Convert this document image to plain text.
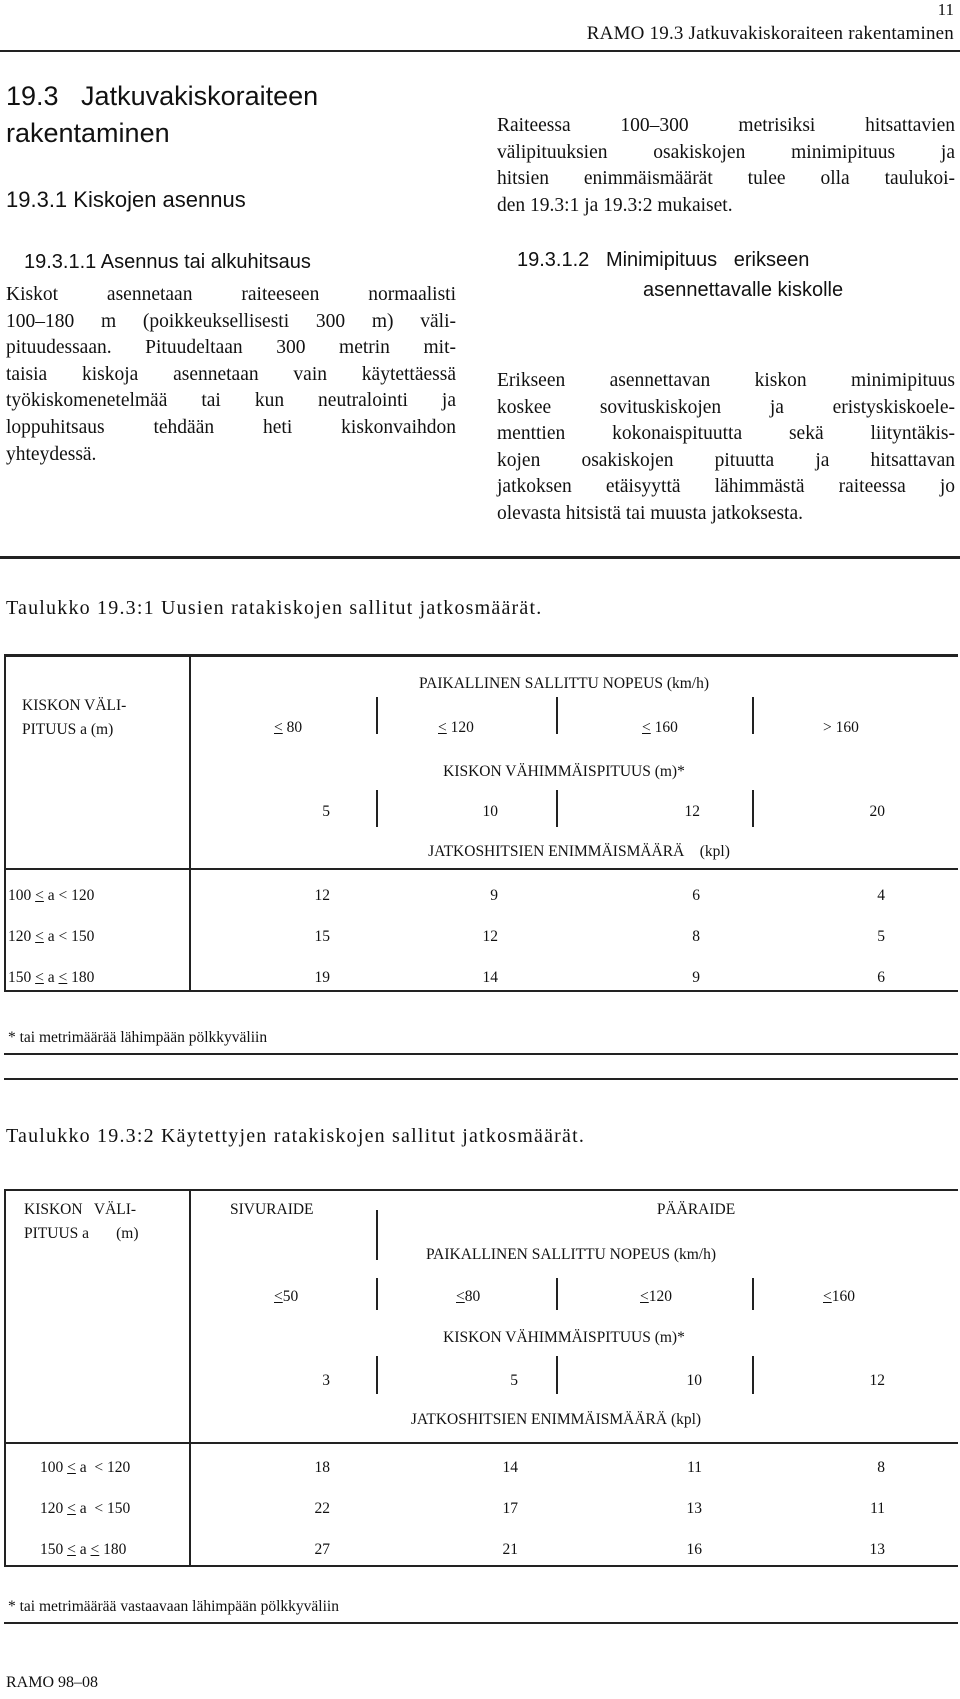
11
RAMO 19.3 Jatkuvakiskoraiteen rakentaminen
19.3   Jatkuvakiskoraiteen
rakentaminen
19.3.1 Kiskojen asennus
19.3.1.1 Asennus tai alkuhitsaus
Kiskot asennetaan raiteeseen normaalisti
100–180 m (poikkeuksellisesti 300 m) väli-
pituudessaan. Pituudeltaan 300 metrin mit-
taisia kiskoja asennetaan vain käytettäessä
työkiskomenetelmää tai kun neutralointi ja
loppuhitsaus tehdään heti kiskonvaihdon
yhteydessä.
Raiteessa 100–300 metrisiksi hitsattavien
välipituuksien osakiskojen minimipituus ja
hitsien enimmäismäärät tulee olla taulukoi-
den 19.3:1 ja 19.3:2 mukaiset.
19.3.1.2   Minimipituus   erikseen
asennettavalle kiskolle
Erikseen asennettavan kiskon minimipituus
koskee sovituskiskojen ja eristyskiskoele-
menttien kokonaispituutta sekä liityntäkis-
kojen osakiskojen pituutta ja hitsattavan
jatkoksen etäisyyttä lähimmästä raiteessa jo
olevasta hitsistä tai muusta jatkoksesta.
Taulukko 19.3:1 Uusien ratakiskojen sallitut jatkosmäärät.
KISKON VÄLI-
PITUUS a (m)
PAIKALLINEN SALLITTU NOPEUS (km/h)
< 80	< 120	< 160	> 160
KISKON VÄHIMMÄISPITUUS (m)*
5	10	12	20
JATKOSHITSIEN ENIMMÄISMÄÄRÄ    (kpl)
100 < a < 120	12	9	6	4
120 < a < 150	15	12	8	5
150 < a < 180	19	14	9	6
* tai metrimäärää lähimpään pölkkyväliin
Taulukko 19.3:2 Käytettyjen ratakiskojen sallitut jatkosmäärät.
KISKON   VÄLI-
PITUUS a       (m)
SIVURAIDE	PÄÄRAIDE
PAIKALLINEN SALLITTU NOPEUS (km/h)
<50	<80	<120	<160
KISKON VÄHIMMÄISPITUUS (m)*
3	5	10	12
JATKOSHITSIEN ENIMMÄISMÄÄRÄ (kpl)
100 < a  < 120	18	14	11	8
120 < a  < 150	22	17	13	11
150 < a < 180	27	21	16	13
* tai metrimäärää vastaavaan lähimpään pölkkyväliin
RAMO 98–08
